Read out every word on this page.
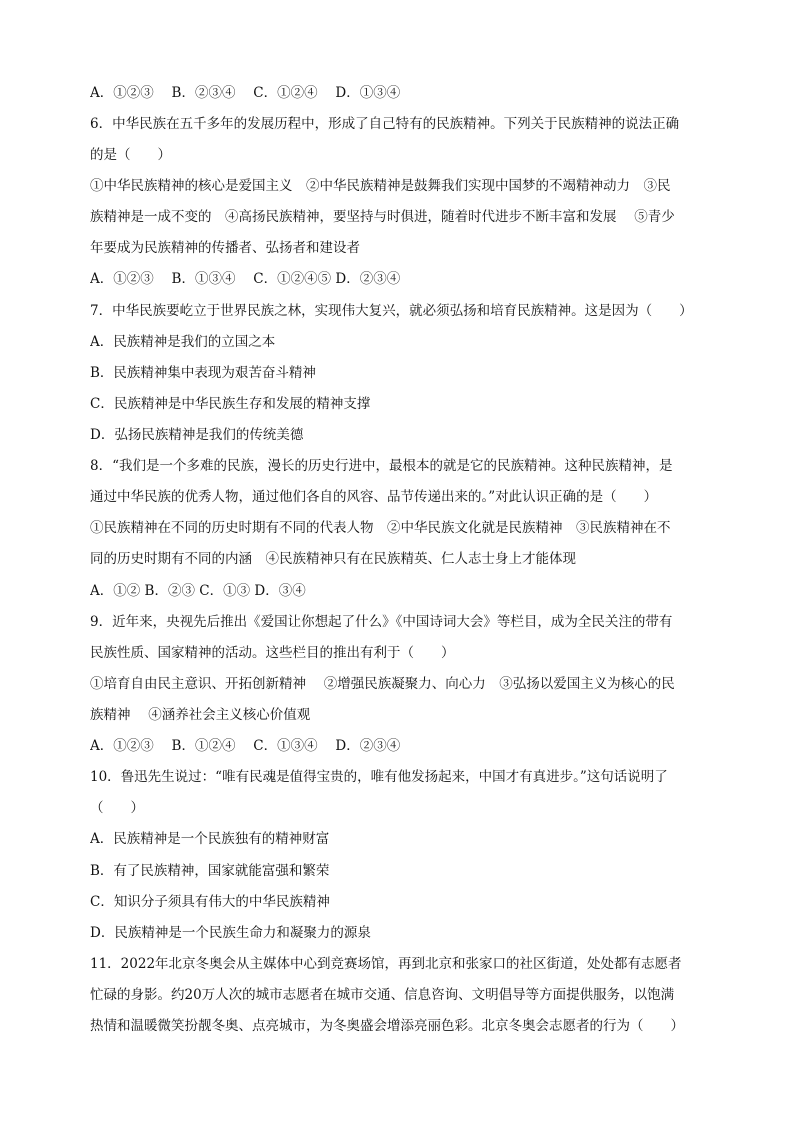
A．①②③　 B．②③④　 C．①②④　 D．①③④
6．中华民族在五千多年的发展历程中，形成了自己特有的民族精神。下列关于民族精神的说法正确
的是（　　）
①中华民族精神的核心是爱国主义　②中华民族精神是鼓舞我们实现中国梦的不竭精神动力　③民
族精神是一成不变的　④高扬民族精神，要坚持与时俱进，随着时代进步不断丰富和发展　 ⑤青少
年要成为民族精神的传播者、弘扬者和建设者
A．①②③　 B．①③④　 C．①②④⑤ D．②③④
7．中华民族要屹立于世界民族之林，实现伟大复兴，就必须弘扬和培育民族精神。这是因为（　　）
A．民族精神是我们的立国之本
B．民族精神集中表现为艰苦奋斗精神
C．民族精神是中华民族生存和发展的精神支撑
D．弘扬民族精神是我们的传统美德
8．“我们是一个多难的民族，漫长的历史行进中，最根本的就是它的民族精神。这种民族精神，是
通过中华民族的优秀人物，通过他们各自的风容、品节传递出来的。”对此认识正确的是（　　）
①民族精神在不同的历史时期有不同的代表人物　②中华民族文化就是民族精神　③民族精神在不
同的历史时期有不同的内涵　④民族精神只有在民族精英、仁人志士身上才能体现
A．①② B．②③ C．①③ D．③④
9．近年来，央视先后推出《爱国让你想起了什么》《中国诗词大会》等栏目，成为全民关注的带有
民族性质、国家精神的活动。这些栏目的推出有利于（　　）
①培育自由民主意识、开拓创新精神　 ②增强民族凝聚力、向心力　③弘扬以爱国主义为核心的民
族精神　 ④涵养社会主义核心价值观
A．①②③　 B．①②④　 C．①③④　 D．②③④
10．鲁迅先生说过：“唯有民魂是值得宝贵的，唯有他发扬起来，中国才有真进步。”这句话说明了
（　　）
A．民族精神是一个民族独有的精神财富
B．有了民族精神，国家就能富强和繁荣
C．知识分子须具有伟大的中华民族精神
D．民族精神是一个民族生命力和凝聚力的源泉
11．2022年北京冬奥会从主媒体中心到竞赛场馆，再到北京和张家口的社区街道，处处都有志愿者
忙碌的身影。约20万人次的城市志愿者在城市交通、信息咨询、文明倡导等方面提供服务，以饱满
热情和温暖微笑扮靓冬奥、点亮城市，为冬奥盛会增添亮丽色彩。北京冬奥会志愿者的行为（　　）
